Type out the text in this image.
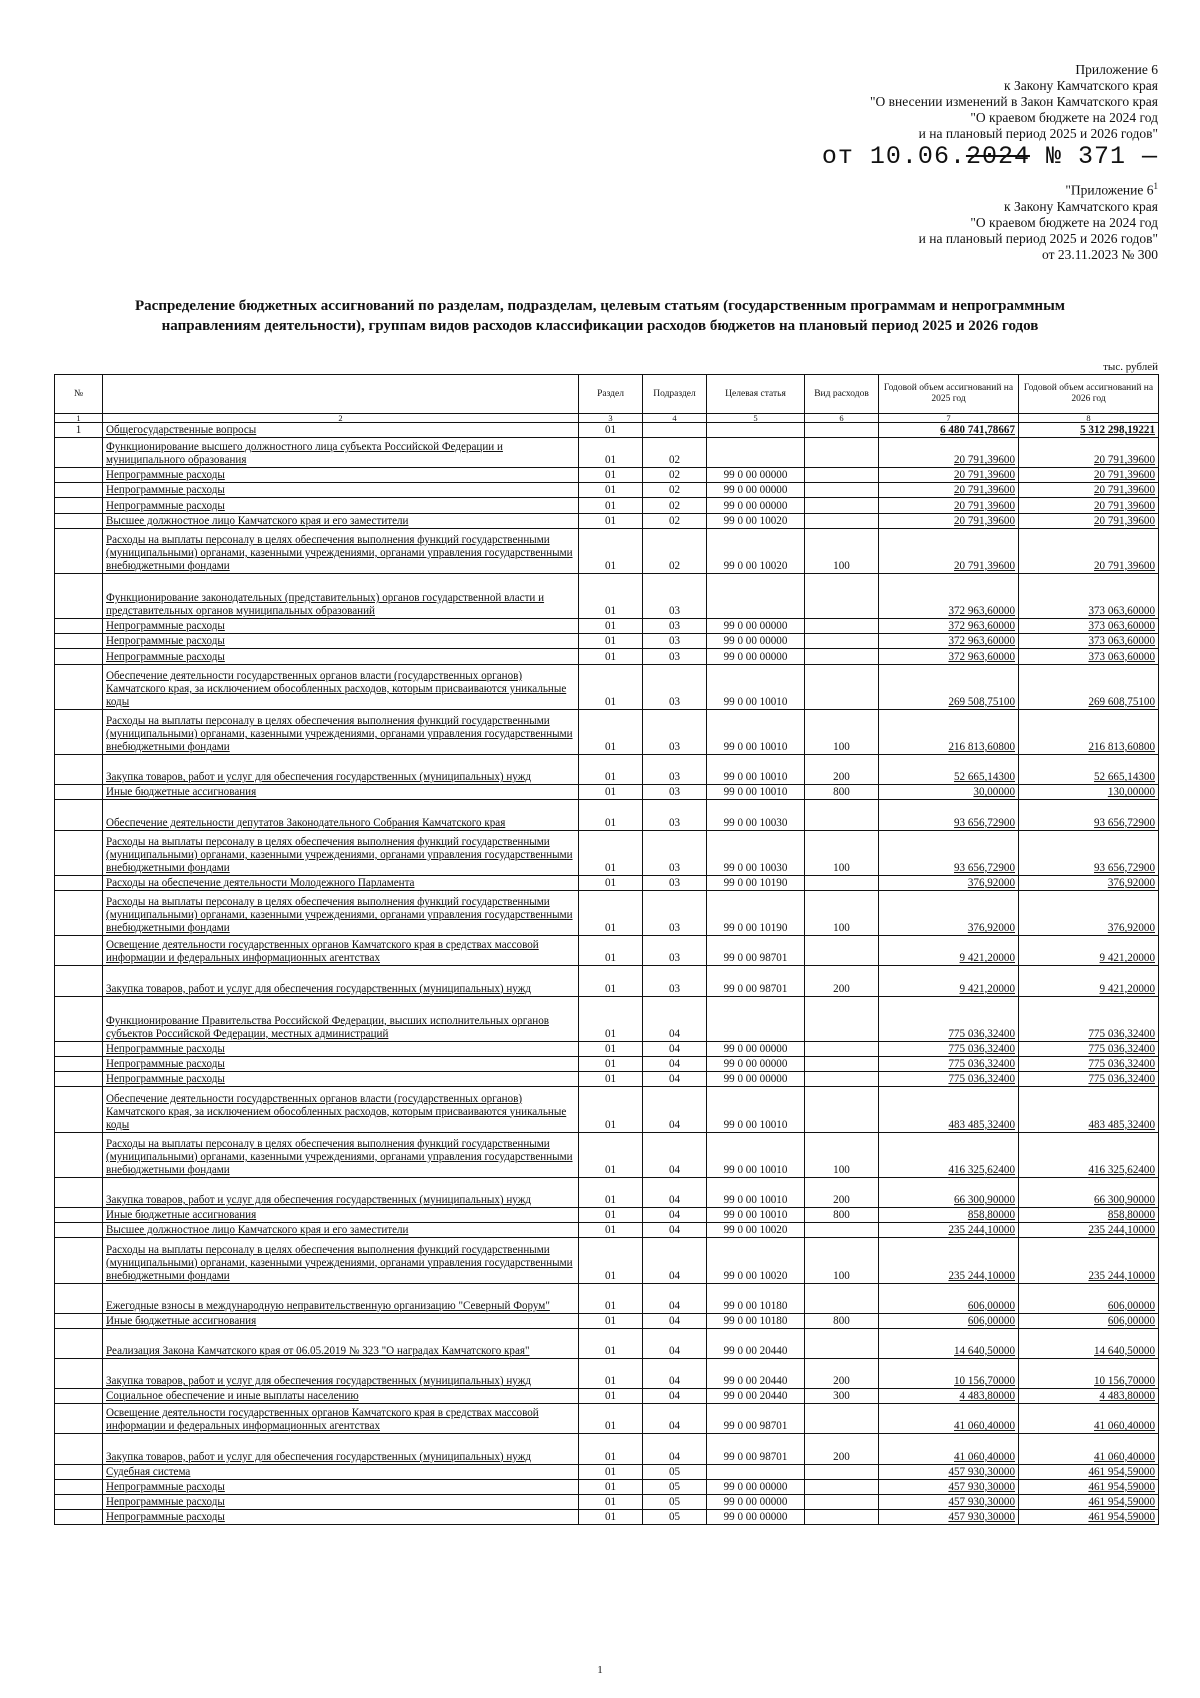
Приложение 6
к Закону Камчатского края
"О внесении изменений в Закон Камчатского края
"О краевом бюджете на 2024 год
и на плановый период 2025 и 2026 годов"
от 10.06.2024 № 371 —
"Приложение $6^1$
к Закону Камчатского края
"О краевом бюджете на 2024 год
и на плановый период 2025 и 2026 годов"
от 23.11.2023 № 300
Распределение бюджетных ассигнований по разделам, подразделам, целевым статьям (государственным программам и непрограммным
направлениям деятельности), группам видов расходов классификации расходов бюджетов на плановый период 2025 и 2026 годов
тыс. рублей
№		Раздел	Подраздел	Целевая статья	Вид расходов	Годовой объем ассигнований на 2025 год	Годовой объем ассигнований на 2026 год
1	2	3	4	5	6	7	8
1	Общегосударственные вопросы	01				6 480 741,78667	5 312 298,19221
	Функционирование высшего должностного лица субъекта Российской Федерации и муниципального образования	01	02			20 791,39600	20 791,39600
	Непрограммные расходы	01	02	99 0 00 00000		20 791,39600	20 791,39600
	Непрограммные расходы	01	02	99 0 00 00000		20 791,39600	20 791,39600
	Непрограммные расходы	01	02	99 0 00 00000		20 791,39600	20 791,39600
	Высшее должностное лицо Камчатского края и его заместители	01	02	99 0 00 10020		20 791,39600	20 791,39600
	Расходы на выплаты персоналу в целях обеспечения выполнения функций государственными (муниципальными) органами, казенными учреждениями, органами управления государственными внебюджетными фондами	01	02	99 0 00 10020	100	20 791,39600	20 791,39600
	Функционирование законодательных (представительных) органов государственной власти и представительных органов муниципальных образований	01	03			372 963,60000	373 063,60000
	Непрограммные расходы	01	03	99 0 00 00000		372 963,60000	373 063,60000
	Непрограммные расходы	01	03	99 0 00 00000		372 963,60000	373 063,60000
	Непрограммные расходы	01	03	99 0 00 00000		372 963,60000	373 063,60000
	Обеспечение деятельности государственных органов власти (государственных органов) Камчатского края, за исключением обособленных расходов, которым присваиваются уникальные коды	01	03	99 0 00 10010		269 508,75100	269 608,75100
	Расходы на выплаты персоналу в целях обеспечения выполнения функций государственными (муниципальными) органами, казенными учреждениями, органами управления государственными внебюджетными фондами	01	03	99 0 00 10010	100	216 813,60800	216 813,60800
	Закупка товаров, работ и услуг для обеспечения государственных (муниципальных) нужд	01	03	99 0 00 10010	200	52 665,14300	52 665,14300
	Иные бюджетные ассигнования	01	03	99 0 00 10010	800	30,00000	130,00000
	Обеспечение деятельности депутатов Законодательного Собрания Камчатского края	01	03	99 0 00 10030		93 656,72900	93 656,72900
	Расходы на выплаты персоналу в целях обеспечения выполнения функций государственными (муниципальными) органами, казенными учреждениями, органами управления государственными внебюджетными фондами	01	03	99 0 00 10030	100	93 656,72900	93 656,72900
	Расходы на обеспечение деятельности Молодежного Парламента	01	03	99 0 00 10190		376,92000	376,92000
	Расходы на выплаты персоналу в целях обеспечения выполнения функций государственными (муниципальными) органами, казенными учреждениями, органами управления государственными внебюджетными фондами	01	03	99 0 00 10190	100	376,92000	376,92000
	Освещение деятельности государственных органов Камчатского края в средствах массовой информации и федеральных информационных агентствах	01	03	99 0 00 98701		9 421,20000	9 421,20000
	Закупка товаров, работ и услуг для обеспечения государственных (муниципальных) нужд	01	03	99 0 00 98701	200	9 421,20000	9 421,20000
	Функционирование Правительства Российской Федерации, высших исполнительных органов субъектов Российской Федерации, местных администраций	01	04			775 036,32400	775 036,32400
	Непрограммные расходы	01	04	99 0 00 00000		775 036,32400	775 036,32400
	Непрограммные расходы	01	04	99 0 00 00000		775 036,32400	775 036,32400
	Непрограммные расходы	01	04	99 0 00 00000		775 036,32400	775 036,32400
	Обеспечение деятельности государственных органов власти (государственных органов) Камчатского края, за исключением обособленных расходов, которым присваиваются уникальные коды	01	04	99 0 00 10010		483 485,32400	483 485,32400
	Расходы на выплаты персоналу в целях обеспечения выполнения функций государственными (муниципальными) органами, казенными учреждениями, органами управления государственными внебюджетными фондами	01	04	99 0 00 10010	100	416 325,62400	416 325,62400
	Закупка товаров, работ и услуг для обеспечения государственных (муниципальных) нужд	01	04	99 0 00 10010	200	66 300,90000	66 300,90000
	Иные бюджетные ассигнования	01	04	99 0 00 10010	800	858,80000	858,80000
	Высшее должностное лицо Камчатского края и его заместители	01	04	99 0 00 10020		235 244,10000	235 244,10000
	Расходы на выплаты персоналу в целях обеспечения выполнения функций государственными (муниципальными) органами, казенными учреждениями, органами управления государственными внебюджетными фондами	01	04	99 0 00 10020	100	235 244,10000	235 244,10000
	Ежегодные взносы в международную неправительственную организацию "Северный Форум"	01	04	99 0 00 10180		606,00000	606,00000
	Иные бюджетные ассигнования	01	04	99 0 00 10180	800	606,00000	606,00000
	Реализация Закона Камчатского края от 06.05.2019 № 323 "О наградах Камчатского края"	01	04	99 0 00 20440		14 640,50000	14 640,50000
	Закупка товаров, работ и услуг для обеспечения государственных (муниципальных) нужд	01	04	99 0 00 20440	200	10 156,70000	10 156,70000
	Социальное обеспечение и иные выплаты населению	01	04	99 0 00 20440	300	4 483,80000	4 483,80000
	Освещение деятельности государственных органов Камчатского края в средствах массовой информации и федеральных информационных агентствах	01	04	99 0 00 98701		41 060,40000	41 060,40000
	Закупка товаров, работ и услуг для обеспечения государственных (муниципальных) нужд	01	04	99 0 00 98701	200	41 060,40000	41 060,40000
	Судебная система	01	05			457 930,30000	461 954,59000
	Непрограммные расходы	01	05	99 0 00 00000		457 930,30000	461 954,59000
	Непрограммные расходы	01	05	99 0 00 00000		457 930,30000	461 954,59000
	Непрограммные расходы	01	05	99 0 00 00000		457 930,30000	461 954,59000
1
